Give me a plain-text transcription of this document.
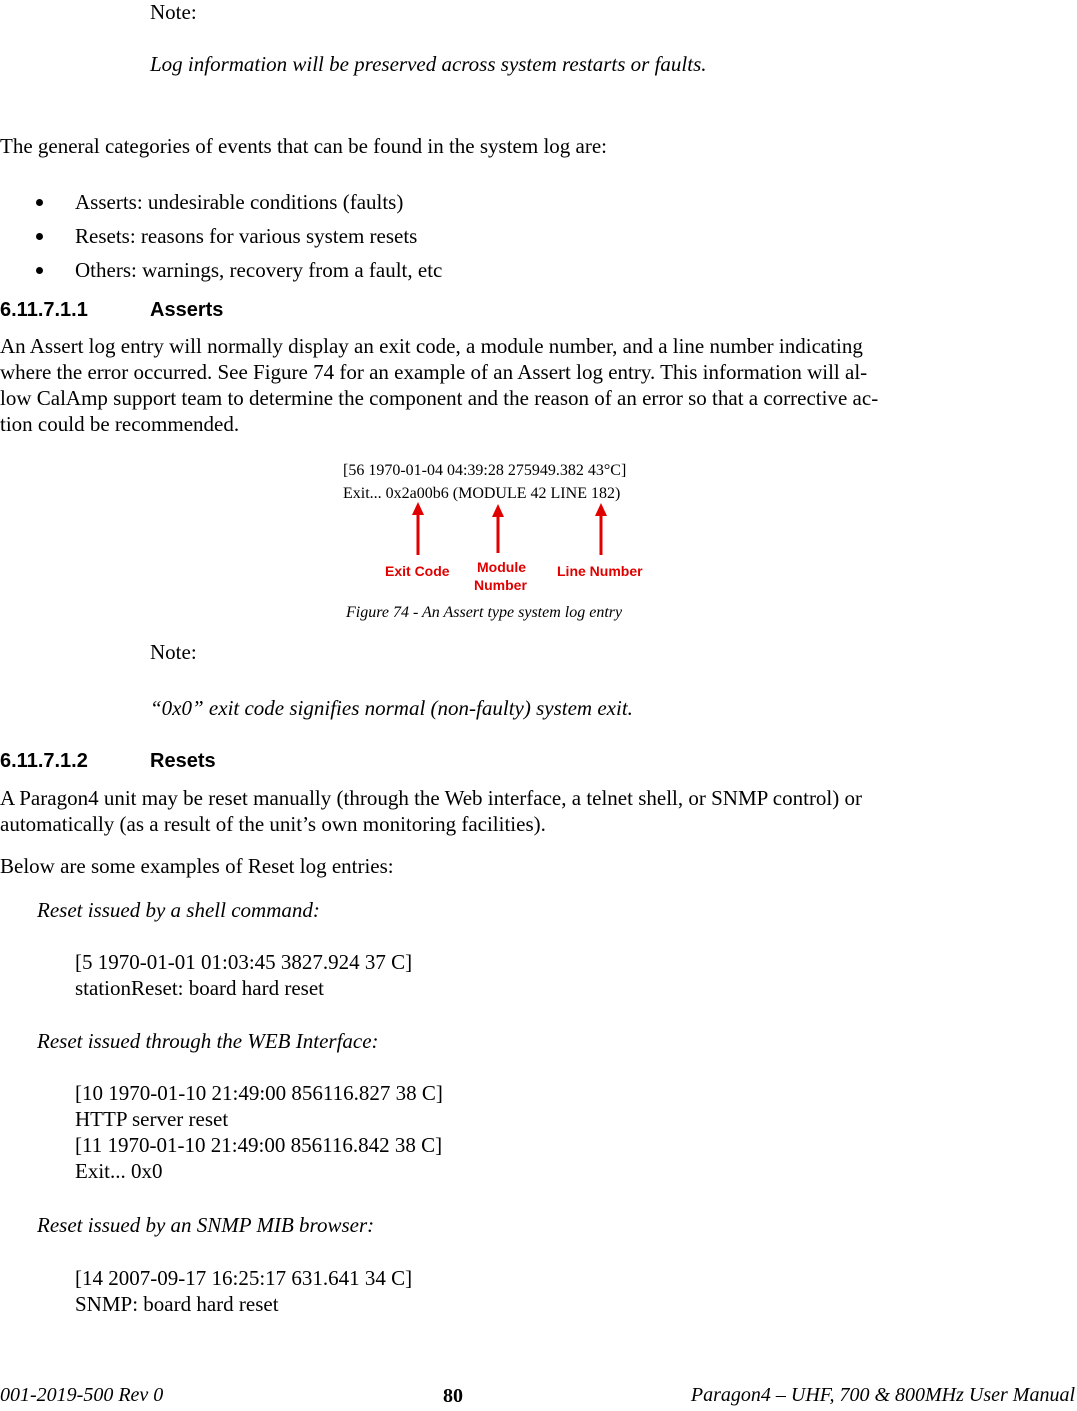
Note:
Log information will be preserved across system restarts or faults.
The general categories of events that can be found in the system log are:
Asserts: undesirable conditions (faults)
Resets: reasons for various system resets
Others: warnings, recovery from a fault, etc
6.11.7.1.1	Asserts
An Assert log entry will normally display an exit code, a module number, and a line number indicating
where the error occurred. See Figure 74 for an example of an Assert log entry. This information will al-
low CalAmp support team to determine the component and the reason of an error so that a corrective ac-
tion could be recommended.
[56 1970-01-04 04:39:28 275949.382 43°C]
Exit... 0x2a00b6 (MODULE 42 LINE 182)
Exit Code Module
Number
Line Number
Figure 74 - An Assert type system log entry
Note:
“0x0” exit code signifies normal (non-faulty) system exit.
6.11.7.1.2	Resets
A Paragon4 unit may be reset manually (through the Web interface, a telnet shell, or SNMP control) or
automatically (as a result of the unit’s own monitoring facilities).
Below are some examples of Reset log entries:
Reset issued by a shell command:
[5 1970-01-01 01:03:45 3827.924 37 C]
stationReset: board hard reset
Reset issued through the WEB Interface:
[10 1970-01-10 21:49:00 856116.827 38 C]
HTTP server reset
[11 1970-01-10 21:49:00 856116.842 38 C]
Exit... 0x0
Reset issued by an SNMP MIB browser:
[14 2007-09-17 16:25:17 631.641 34 C]
SNMP: board hard reset
001-2019-500 Rev 0	80	Paragon4 – UHF, 700 & 800MHz User Manual
